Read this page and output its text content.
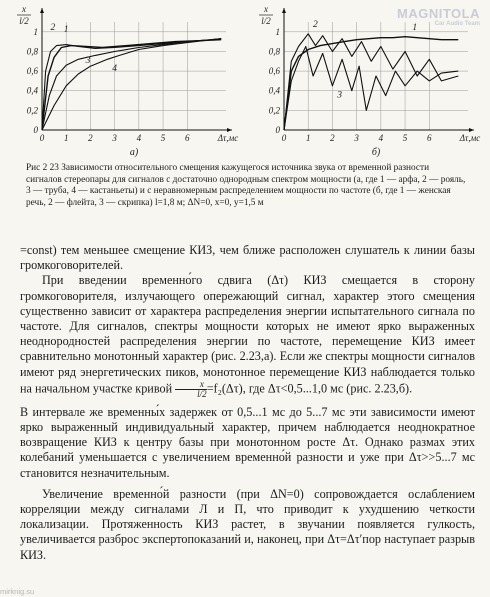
MAGNITOLA
Car Audio Team
0
0,2
0,4
0,6
0,8
1
0 1 2 3 4 5 6
x
l/2
Δτ,мс
а)
1
2
3
4
0
0,2
0,4
0,6
0,8
1
0 1 2 3 4 5 6
x
l/2
Δτ,мс
б)
1
2
3
Рис 2 23 Зависимости относительного смещения кажущегося источника звука от временной разности сигналов стереопары для сигналов с достаточно однородным спектром мощности (а, где 1 — арфа, 2 — рояль, 3 — труба, 4 — кастаньеты) и с неравномерным распределением мощности по частоте (б, где 1 — женская речь, 2 — флейта, 3 — скрипка) l=1,8 м; ΔN=0, x=0, y=1,5 м

=const) тем меньшее смещение КИЗ, чем ближе расположен слушатель к линии базы громкоговорителей.

При введении временно́го сдвига (Δτ) КИЗ смещается в сторону громкоговорителя, излучающего опережающий сигнал, характер этого смещения существенно зависит от характера распределения энергии испытательного сигнала по частоте. Для сигналов, спектры мощности которых не имеют ярко выраженных неоднородностей распределения энергии по частоте, перемещение КИЗ имеет сравнительно монотонный характер (рис. 2.23,а). Если же спектры мощности сигналов имеют ряд энергетических пиков, монотонное перемещение КИЗ наблюдается только на начальном участке кривой $\frac{x}{l/2} =f_2(\Delta\tau)$, где Δτ<0,5...1,0 мс (рис. 2.23,б).

В интервале же временны́х задержек от 0,5...1 мс до 5...7 мс эти зависимости имеют ярко выраженный индивидуальный характер, причем наблюдается неоднократное возвращение КИЗ к центру базы при монотонном росте Δτ. Однако размах этих колебаний уменьшается с увеличением временно́й разности и уже при Δτ>>5...7 мс становится незначительным.

Увеличение временно́й разности (при ΔN=0) сопровождается ослаблением корреляции между сигналами Л и П, что приводит к ухудшению четкости локализации. Протяженность КИЗ растет, в звучании появляется гулкость, увеличивается разброс экспертопоказаний и, наконец, при Δτ=Δτ′пор наступает разрыв КИЗ.

mirknig.su
